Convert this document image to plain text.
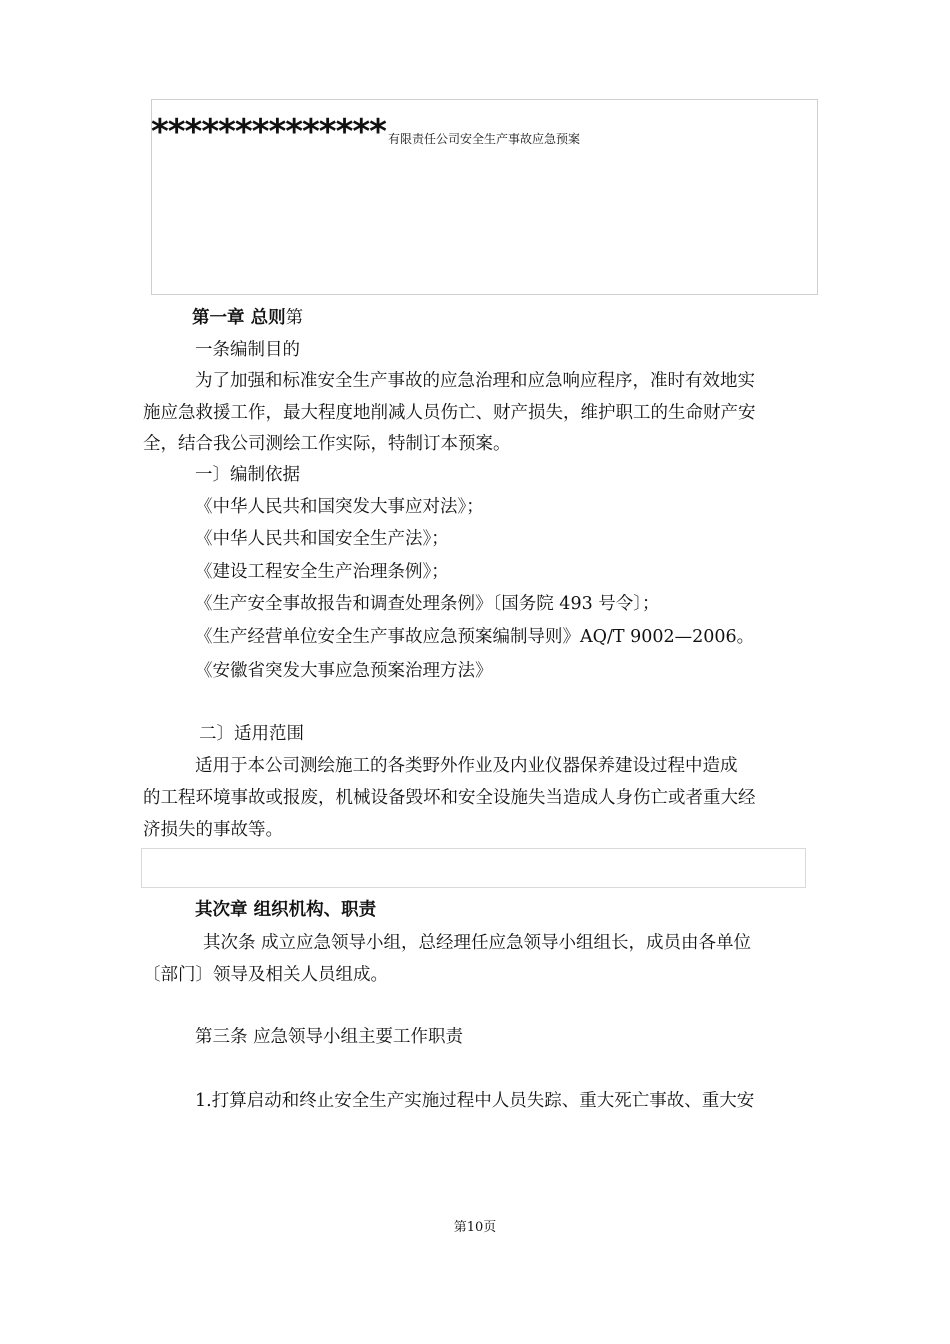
************** 有限责任公司安全生产事故应急预案
第一章 总则第
一条编制目的
为了加强和标准安全生产事故的应急治理和应急响应程序，准时有效地实
施应急救援工作，最大程度地削减人员伤亡、财产损失，维护职工的生命财产安
全，结合我公司测绘工作实际，特制订本预案。
一〕编制依据
《中华人民共和国突发大事应对法》；
《中华人民共和国安全生产法》；
《建设工程安全生产治理条例》；
《生产安全事故报告和调查处理条例》〔国务院 493 号令〕；
《生产经营单位安全生产事故应急预案编制导则》AQ/T 9002—2006。
《安徽省突发大事应急预案治理方法》
二〕适用范围
适用于本公司测绘施工的各类野外作业及内业仪器保养建设过程中造成
的工程环境事故或报废，机械设备毁坏和安全设施失当造成人身伤亡或者重大经
济损失的事故等。
其次章 组织机构、职责
其次条 成立应急领导小组，总经理任应急领导小组组长，成员由各单位
〔部门〕领导及相关人员组成。
第三条 应急领导小组主要工作职责
1.打算启动和终止安全生产实施过程中人员失踪、重大死亡事故、重大安
第10页
